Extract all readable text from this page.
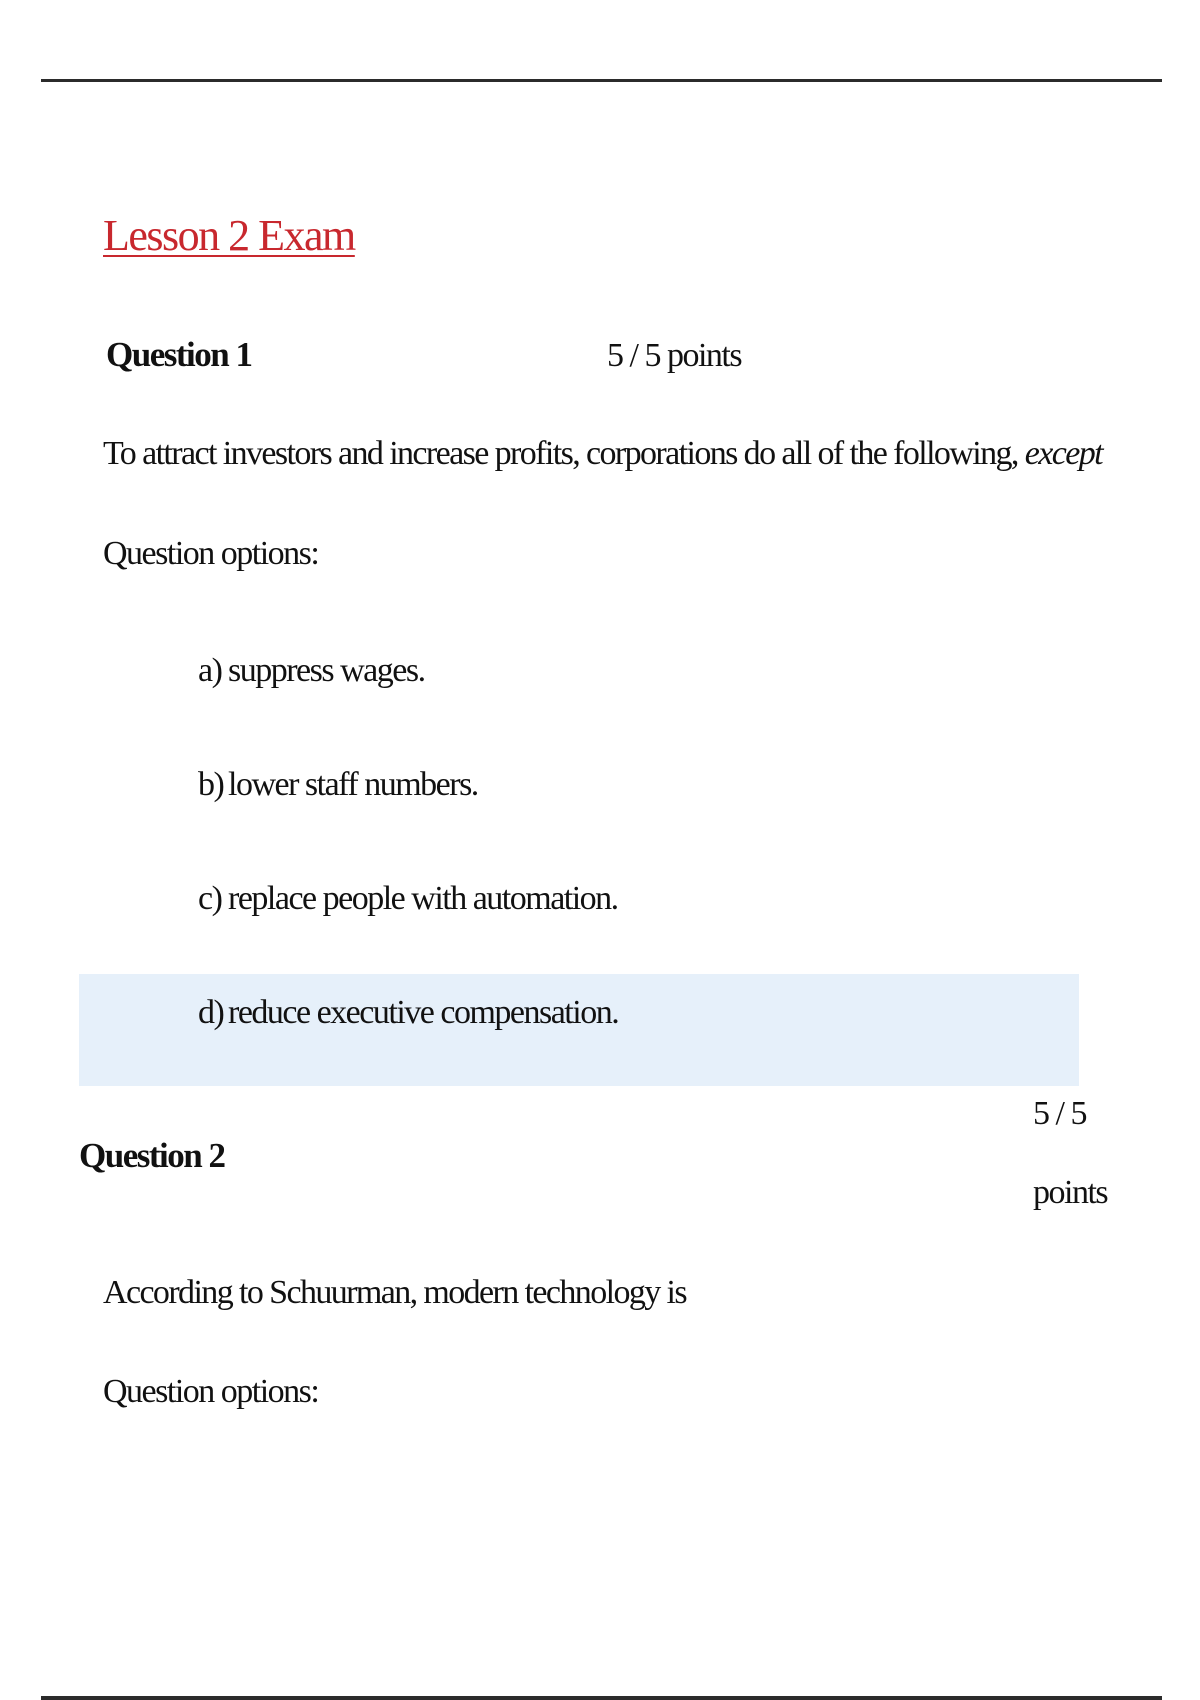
Lesson 2 Exam
Question 1	5 / 5 points
To attract investors and increase profits, corporations do all of the following, except
Question options:
a) suppress wages.
b) lower staff numbers.
c) replace people with automation.
d) reduce executive compensation.
Question 2
5 / 5
points
According to Schuurman, modern technology is
Question options:
